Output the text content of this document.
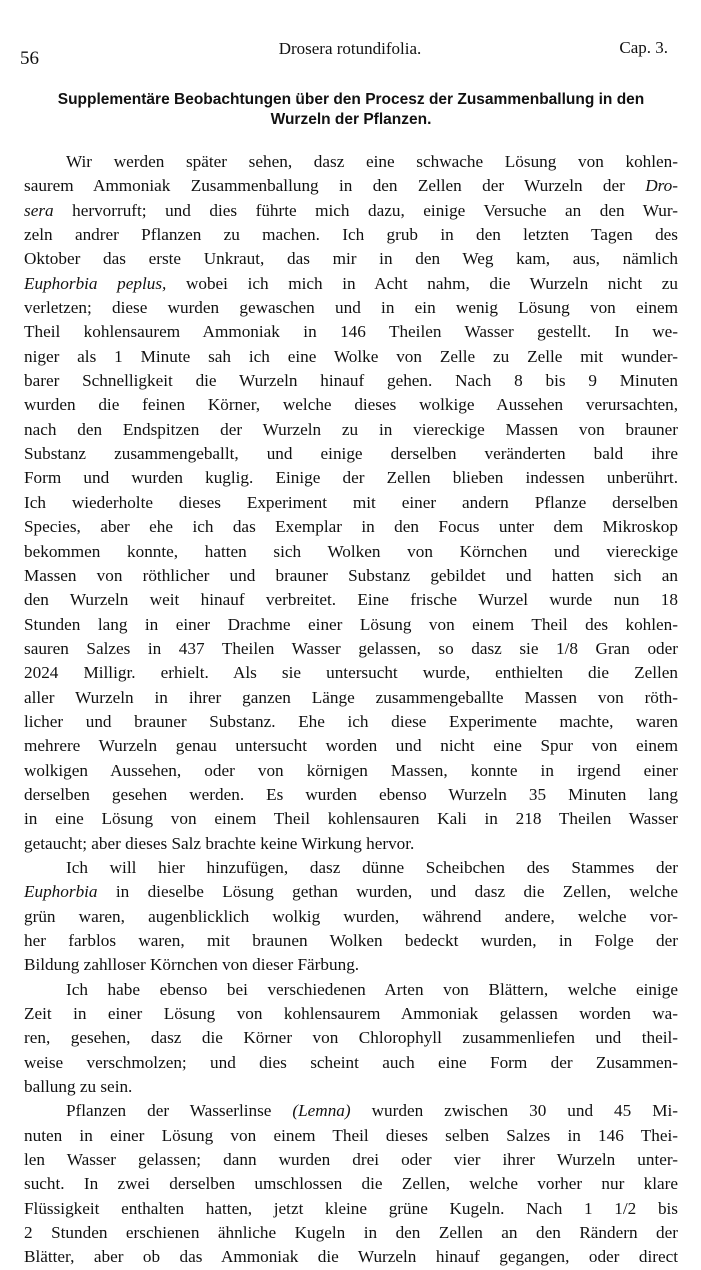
56	Drosera rotundifolia.	Cap. 3.
Supplementäre Beobachtungen über den Procesz der Zusammenballung in den
Wurzeln der Pflanzen.
Wir werden später sehen, dasz eine schwache Lösung von kohlen-
saurem Ammoniak Zusammenballung in den Zellen der Wurzeln der Dro-
sera hervorruft; und dies führte mich dazu, einige Versuche an den Wur-
zeln andrer Pflanzen zu machen. Ich grub in den letzten Tagen des
Oktober das erste Unkraut, das mir in den Weg kam, aus, nämlich
Euphorbia peplus, wobei ich mich in Acht nahm, die Wurzeln nicht zu
verletzen; diese wurden gewaschen und in ein wenig Lösung von einem
Theil kohlensaurem Ammoniak in 146 Theilen Wasser gestellt. In we-
niger als 1 Minute sah ich eine Wolke von Zelle zu Zelle mit wunder-
barer Schnelligkeit die Wurzeln hinauf gehen. Nach 8 bis 9 Minuten
wurden die feinen Körner, welche dieses wolkige Aussehen verursachten,
nach den Endspitzen der Wurzeln zu in viereckige Massen von brauner
Substanz zusammengeballt, und einige derselben veränderten bald ihre
Form und wurden kuglig. Einige der Zellen blieben indessen unberührt.
Ich wiederholte dieses Experiment mit einer andern Pflanze derselben
Species, aber ehe ich das Exemplar in den Focus unter dem Mikroskop
bekommen konnte, hatten sich Wolken von Körnchen und viereckige
Massen von röthlicher und brauner Substanz gebildet und hatten sich an
den Wurzeln weit hinauf verbreitet. Eine frische Wurzel wurde nun 18
Stunden lang in einer Drachme einer Lösung von einem Theil des kohlen-
sauren Salzes in 437 Theilen Wasser gelassen, so dasz sie 1/8 Gran oder
2024 Milligr. erhielt. Als sie untersucht wurde, enthielten die Zellen
aller Wurzeln in ihrer ganzen Länge zusammengeballte Massen von röth-
licher und brauner Substanz. Ehe ich diese Experimente machte, waren
mehrere Wurzeln genau untersucht worden und nicht eine Spur von einem
wolkigen Aussehen, oder von körnigen Massen, konnte in irgend einer
derselben gesehen werden. Es wurden ebenso Wurzeln 35 Minuten lang
in eine Lösung von einem Theil kohlensauren Kali in 218 Theilen Wasser
getaucht; aber dieses Salz brachte keine Wirkung hervor.
Ich will hier hinzufügen, dasz dünne Scheibchen des Stammes der
Euphorbia in dieselbe Lösung gethan wurden, und dasz die Zellen, welche
grün waren, augenblicklich wolkig wurden, während andere, welche vor-
her farblos waren, mit braunen Wolken bedeckt wurden, in Folge der
Bildung zahlloser Körnchen von dieser Färbung.
Ich habe ebenso bei verschiedenen Arten von Blättern, welche einige
Zeit in einer Lösung von kohlensaurem Ammoniak gelassen worden wa-
ren, gesehen, dasz die Körner von Chlorophyll zusammenliefen und theil-
weise verschmolzen; und dies scheint auch eine Form der Zusammen-
ballung zu sein.
Pflanzen der Wasserlinse (Lemna) wurden zwischen 30 und 45 Mi-
nuten in einer Lösung von einem Theil dieses selben Salzes in 146 Thei-
len Wasser gelassen; dann wurden drei oder vier ihrer Wurzeln unter-
sucht. In zwei derselben umschlossen die Zellen, welche vorher nur klare
Flüssigkeit enthalten hatten, jetzt kleine grüne Kugeln. Nach 1 1/2 bis
2 Stunden erschienen ähnliche Kugeln in den Zellen an den Rändern der
Blätter, aber ob das Ammoniak die Wurzeln hinauf gegangen, oder direct
